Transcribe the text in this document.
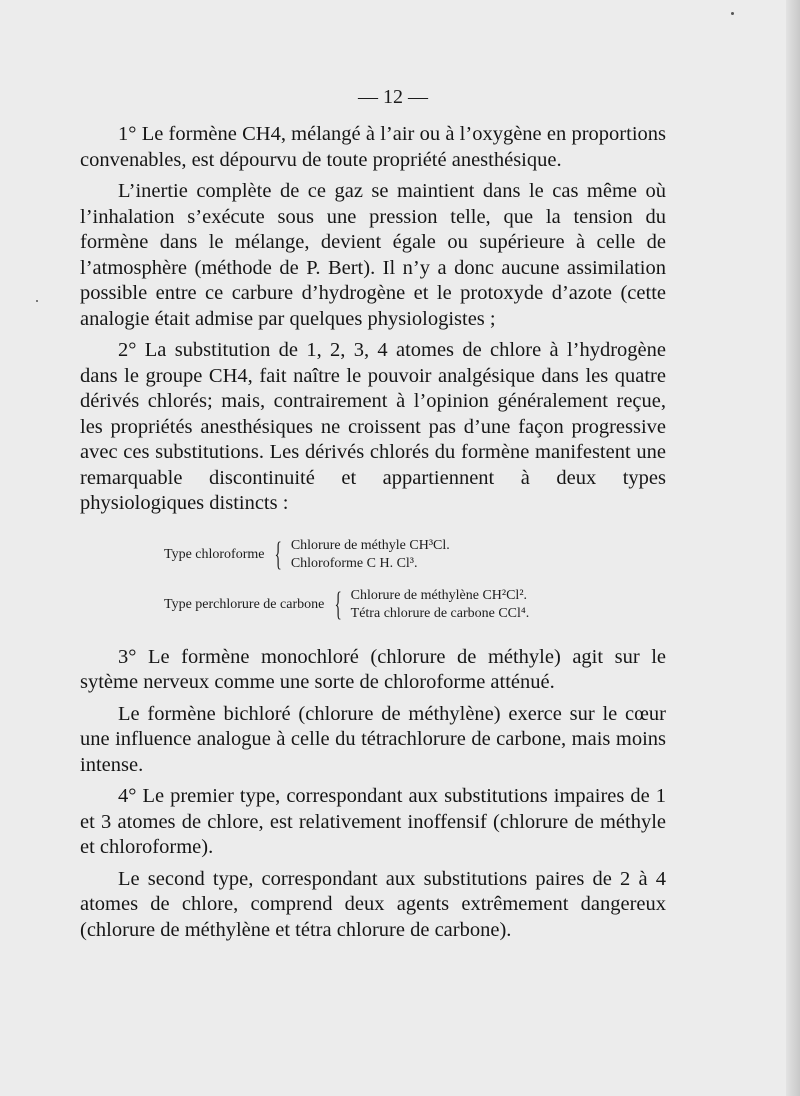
— 12 —

1° Le formène CH4, mélangé à l’air ou à l’oxygène en proportions convenables, est dépourvu de toute propriété anesthésique.

L’inertie complète de ce gaz se maintient dans le cas même où l’inhalation s’exécute sous une pression telle, que la tension du formène dans le mélange, devient égale ou supérieure à celle de l’atmosphère (méthode de P. Bert). Il n’y a donc aucune assimilation possible entre ce carbure d’hydrogène et le protoxyde d’azote (cette analogie était admise par quelques physiologistes ;

2° La substitution de 1, 2, 3, 4 atomes de chlore à l’hydrogène dans le groupe CH4, fait naître le pouvoir analgésique dans les quatre dérivés chlorés; mais, contrairement à l’opinion généralement reçue, les propriétés anesthésiques ne croissent pas d’une façon progressive avec ces substitutions. Les dérivés chlorés du formène manifestent une remarquable discontinuité et appartiennent à deux types physiologiques distincts :

Type chloroforme { Chlorure de méthyle CH³Cl.
Chloroforme C H. Cl³.
Type perchlorure de carbone { Chlorure de méthylène CH²Cl².
Tétra chlorure de carbone CCl⁴.

3° Le formène monochloré (chlorure de méthyle) agit sur le sytème nerveux comme une sorte de chloroforme atténué.

Le formène bichloré (chlorure de méthylène) exerce sur le cœur une influence analogue à celle du tétrachlorure de carbone, mais moins intense.

4° Le premier type, correspondant aux substitutions impaires de 1 et 3 atomes de chlore, est relativement inoffensif (chlorure de méthyle et chloroforme).

Le second type, correspondant aux substitutions paires de 2 à 4 atomes de chlore, comprend deux agents extrêmement dangereux (chlorure de méthylène et tétra chlorure de carbone).
